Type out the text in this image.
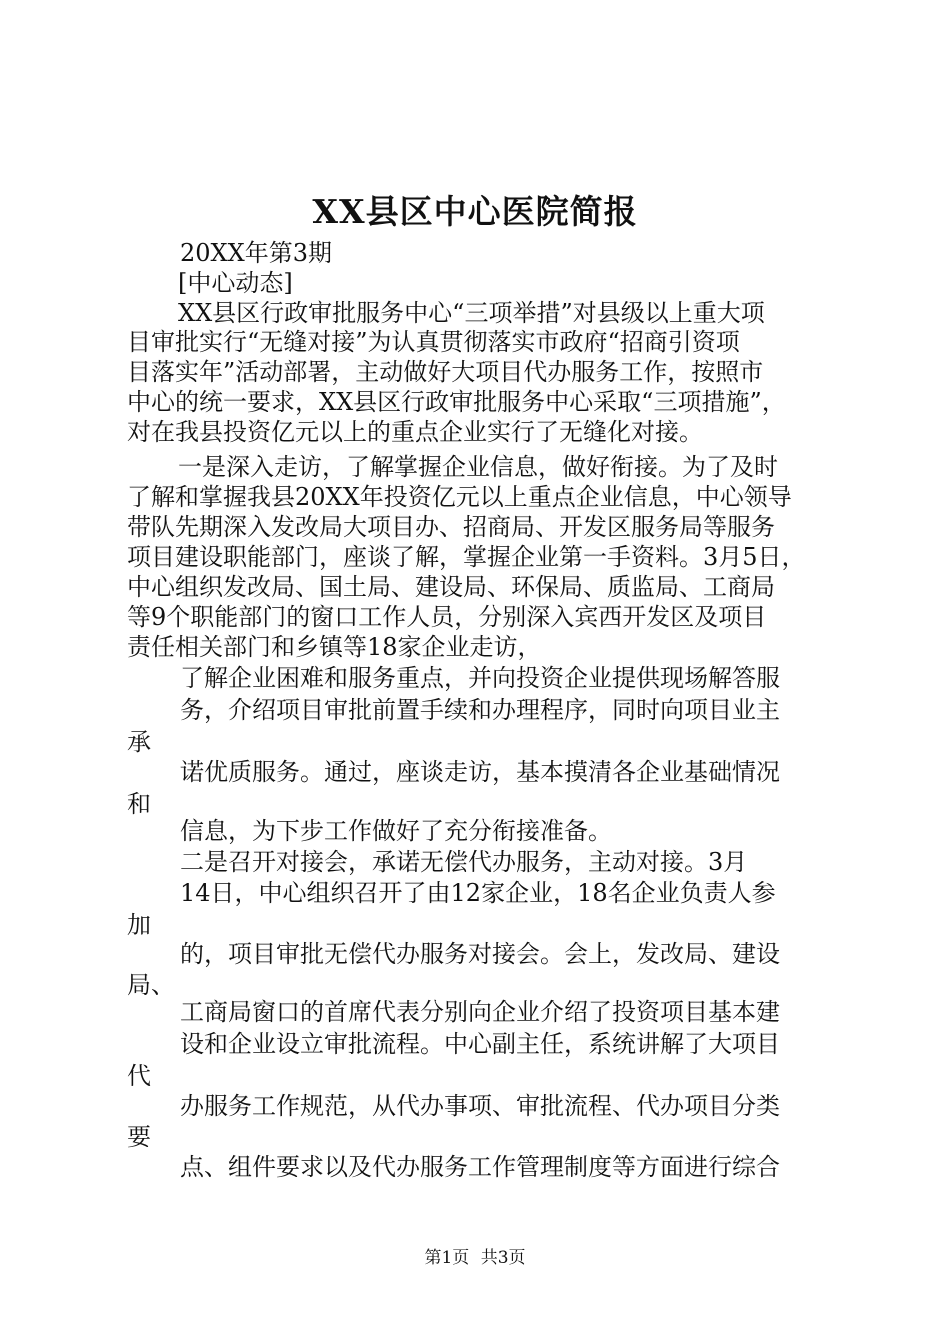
XX县区中心医院简报
20XX年第3期
[中心动态]
XX县区行政审批服务中心“三项举措”对县级以上重大项
目审批实行“无缝对接”为认真贯彻落实市政府“招商引资项
目落实年”活动部署，主动做好大项目代办服务工作，按照市
中心的统一要求，XX县区行政审批服务中心采取“三项措施”，
对在我县投资亿元以上的重点企业实行了无缝化对接。
一是深入走访，了解掌握企业信息，做好衔接。为了及时
了解和掌握我县20XX年投资亿元以上重点企业信息，中心领导
带队先期深入发改局大项目办、招商局、开发区服务局等服务
项目建设职能部门，座谈了解，掌握企业第一手资料。3月5日，
中心组织发改局、国土局、建设局、环保局、质监局、工商局
等9个职能部门的窗口工作人员，分别深入宾西开发区及项目
责任相关部门和乡镇等18家企业走访，
了解企业困难和服务重点，并向投资企业提供现场解答服
务，介绍项目审批前置手续和办理程序，同时向项目业主
承
诺优质服务。通过，座谈走访，基本摸清各企业基础情况
和
信息，为下步工作做好了充分衔接准备。
二是召开对接会，承诺无偿代办服务，主动对接。3月
14日，中心组织召开了由12家企业，18名企业负责人参
加
的，项目审批无偿代办服务对接会。会上，发改局、建设
局、
工商局窗口的首席代表分别向企业介绍了投资项目基本建
设和企业设立审批流程。中心副主任，系统讲解了大项目
代
办服务工作规范，从代办事项、审批流程、代办项目分类
要
点、组件要求以及代办服务工作管理制度等方面进行综合
第1页 共3页
